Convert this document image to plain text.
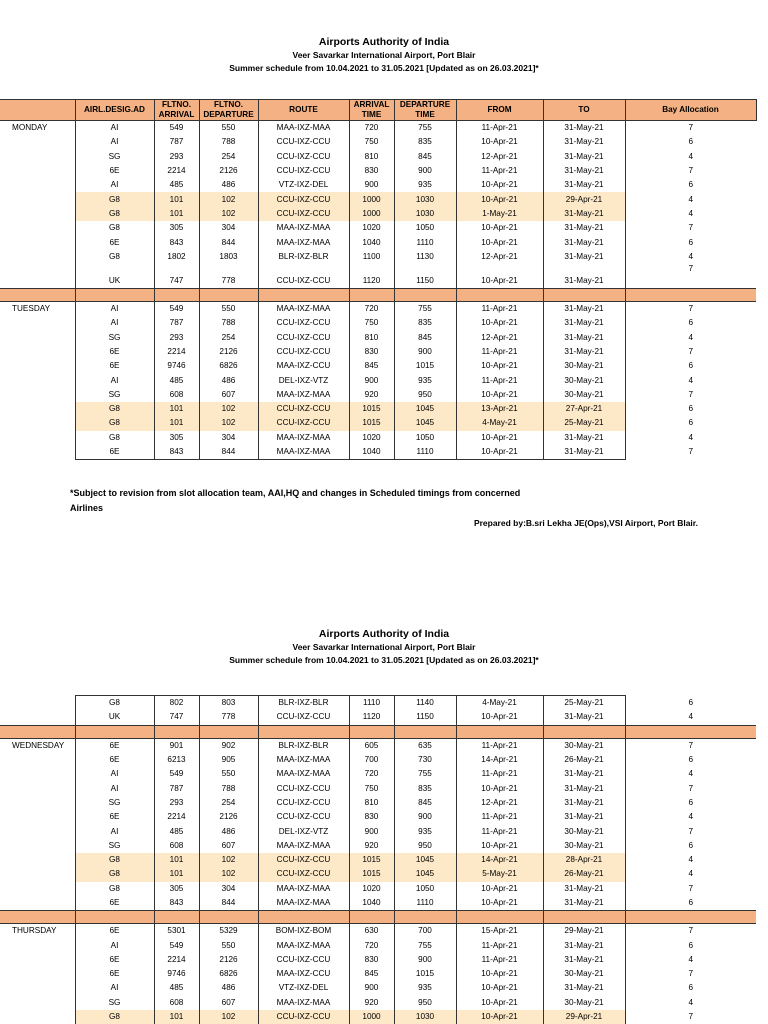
Airports Authority of India
Veer Savarkar International Airport, Port Blair
Summer schedule from 10.04.2021 to 31.05.2021 [Updated as on 26.03.2021]*
	AIRL.DESIG.AD	FLTNO. ARRIVAL	FLTNO. DEPARTURE	ROUTE	ARRIVAL TIME	DEPARTURE TIME	FROM	TO	Bay Allocation
MONDAY	AI	549	550	MAA-IXZ-MAA	720	755	11-Apr-21	31-May-21	7
	AI	787	788	CCU-IXZ-CCU	750	835	10-Apr-21	31-May-21	6
	SG	293	254	CCU-IXZ-CCU	810	845	12-Apr-21	31-May-21	4
	6E	2214	2126	CCU-IXZ-CCU	830	900	11-Apr-21	31-May-21	7
	AI	485	486	VTZ-IXZ-DEL	900	935	10-Apr-21	31-May-21	6
	G8	101	102	CCU-IXZ-CCU	1000	1030	10-Apr-21	29-Apr-21	4
	G8	101	102	CCU-IXZ-CCU	1000	1030	1-May-21	31-May-21	4
	G8	305	304	MAA-IXZ-MAA	1020	1050	10-Apr-21	31-May-21	7
	6E	843	844	MAA-IXZ-MAA	1040	1110	10-Apr-21	31-May-21	6
	G8	1802	1803	BLR-IXZ-BLR	1100	1130	12-Apr-21	31-May-21	4
	UK	747	778	CCU-IXZ-CCU	1120	1150	10-Apr-21	31-May-21	7

TUESDAY	AI	549	550	MAA-IXZ-MAA	720	755	11-Apr-21	31-May-21	7
	AI	787	788	CCU-IXZ-CCU	750	835	10-Apr-21	31-May-21	6
	SG	293	254	CCU-IXZ-CCU	810	845	12-Apr-21	31-May-21	4
	6E	2214	2126	CCU-IXZ-CCU	830	900	11-Apr-21	31-May-21	7
	6E	9746	6826	MAA-IXZ-CCU	845	1015	10-Apr-21	30-May-21	6
	AI	485	486	DEL-IXZ-VTZ	900	935	11-Apr-21	30-May-21	4
	SG	608	607	MAA-IXZ-MAA	920	950	10-Apr-21	30-May-21	7
	G8	101	102	CCU-IXZ-CCU	1015	1045	13-Apr-21	27-Apr-21	6
	G8	101	102	CCU-IXZ-CCU	1015	1045	4-May-21	25-May-21	6
	G8	305	304	MAA-IXZ-MAA	1020	1050	10-Apr-21	31-May-21	4
	6E	843	844	MAA-IXZ-MAA	1040	1110	10-Apr-21	31-May-21	7
*Subject to revision from slot allocation team, AAI,HQ and changes in Scheduled timings from concerned Airlines
Prepared by:B.sri Lekha JE(Ops),VSI Airport, Port Blair.
Airports Authority of India
Veer Savarkar International Airport, Port Blair
Summer schedule from 10.04.2021 to 31.05.2021 [Updated as on 26.03.2021]*
	G8	802	803	BLR-IXZ-BLR	1110	1140	4-May-21	25-May-21	6
	UK	747	778	CCU-IXZ-CCU	1120	1150	10-Apr-21	31-May-21	4

WEDNESDAY	6E	901	902	BLR-IXZ-BLR	605	635	11-Apr-21	30-May-21	7
	6E	6213	905	MAA-IXZ-MAA	700	730	14-Apr-21	26-May-21	6
	AI	549	550	MAA-IXZ-MAA	720	755	11-Apr-21	31-May-21	4
	AI	787	788	CCU-IXZ-CCU	750	835	10-Apr-21	31-May-21	7
	SG	293	254	CCU-IXZ-CCU	810	845	12-Apr-21	31-May-21	6
	6E	2214	2126	CCU-IXZ-CCU	830	900	11-Apr-21	31-May-21	4
	AI	485	486	DEL-IXZ-VTZ	900	935	11-Apr-21	30-May-21	7
	SG	608	607	MAA-IXZ-MAA	920	950	10-Apr-21	30-May-21	6
	G8	101	102	CCU-IXZ-CCU	1015	1045	14-Apr-21	28-Apr-21	4
	G8	101	102	CCU-IXZ-CCU	1015	1045	5-May-21	26-May-21	4
	G8	305	304	MAA-IXZ-MAA	1020	1050	10-Apr-21	31-May-21	7
	6E	843	844	MAA-IXZ-MAA	1040	1110	10-Apr-21	31-May-21	6

THURSDAY	6E	5301	5329	BOM-IXZ-BOM	630	700	15-Apr-21	29-May-21	7
	AI	549	550	MAA-IXZ-MAA	720	755	11-Apr-21	31-May-21	6
	6E	2214	2126	CCU-IXZ-CCU	830	900	11-Apr-21	31-May-21	4
	6E	9746	6826	MAA-IXZ-CCU	845	1015	10-Apr-21	30-May-21	7
	AI	485	486	VTZ-IXZ-DEL	900	935	10-Apr-21	31-May-21	6
	SG	608	607	MAA-IXZ-MAA	920	950	10-Apr-21	30-May-21	4
	G8	101	102	CCU-IXZ-CCU	1000	1030	10-Apr-21	29-Apr-21	7
